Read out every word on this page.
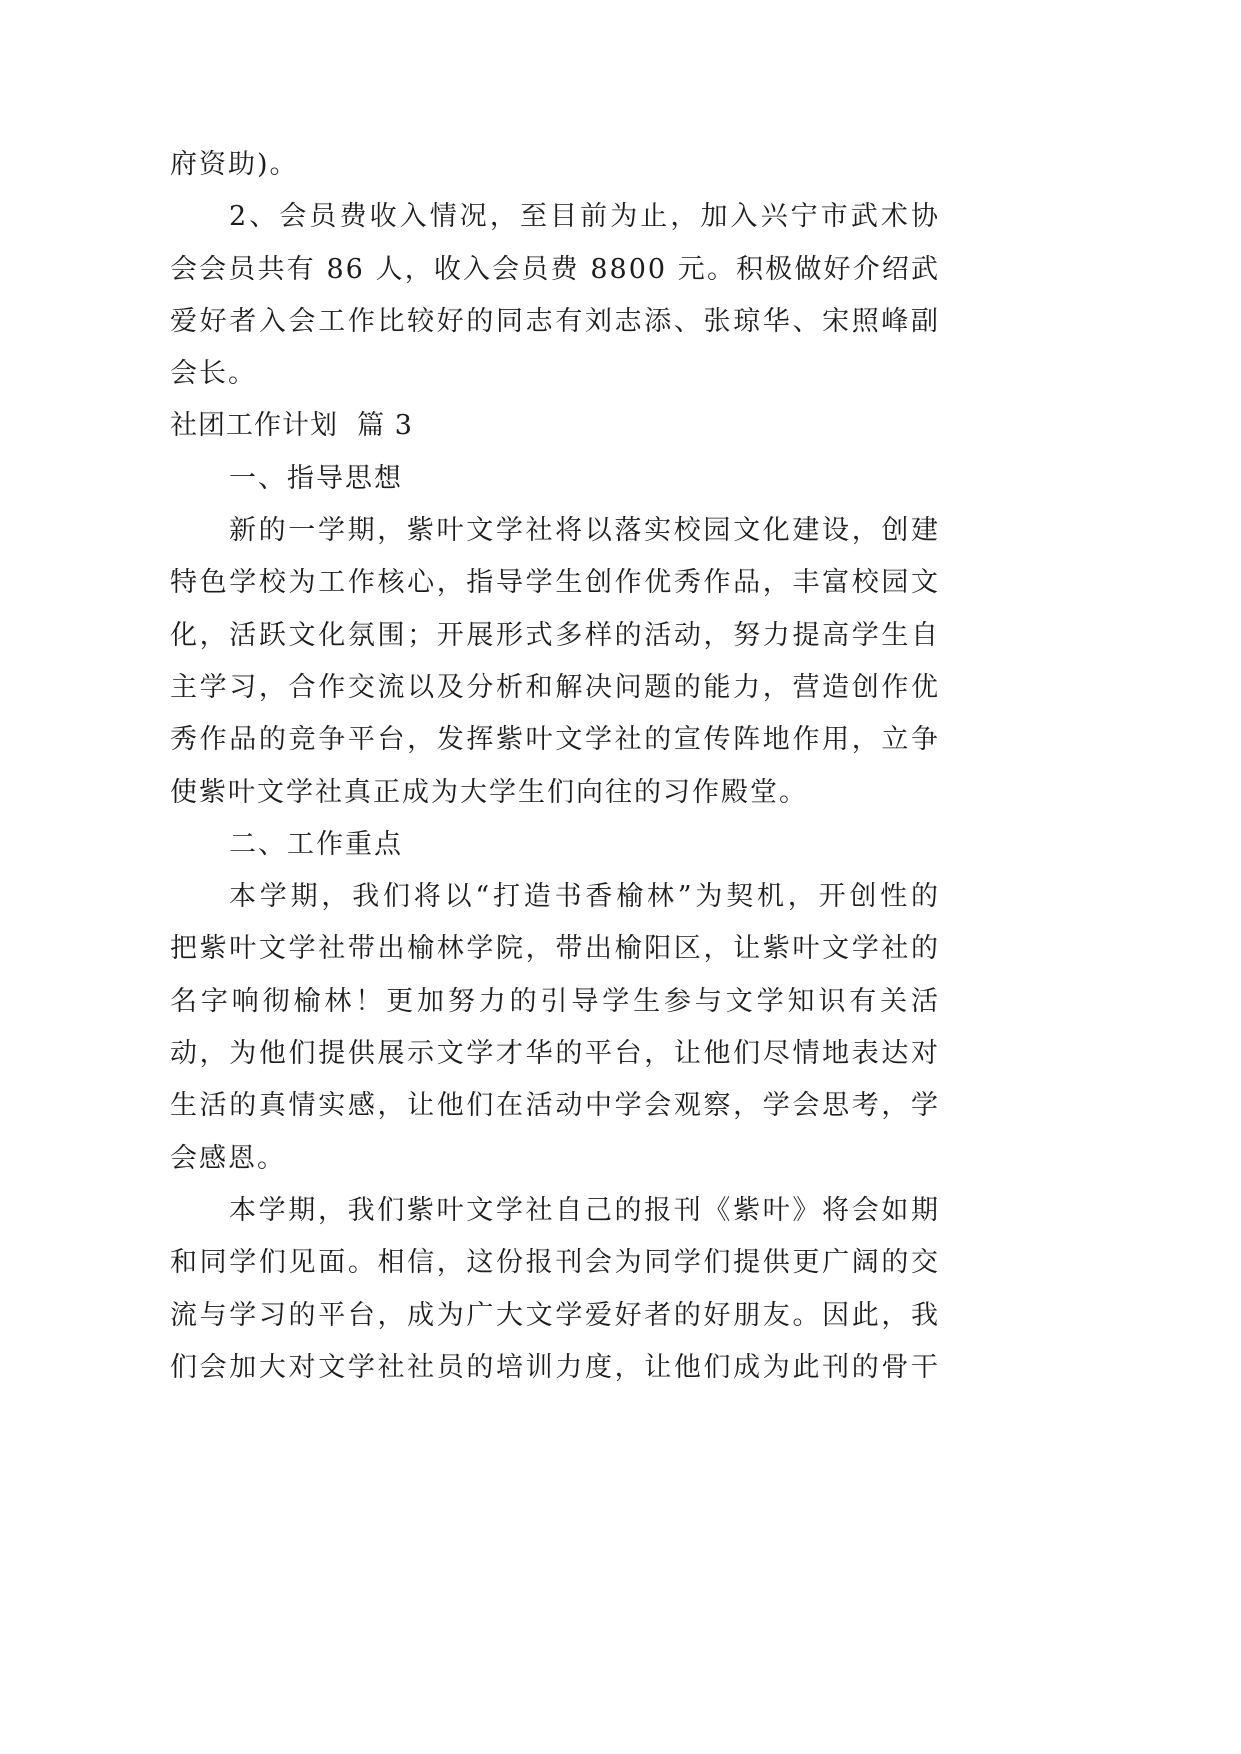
府资助)。
2、会员费收入情况，至目前为止，加入兴宁市武术协
会会员共有 86 人，收入会员费 8800 元。积极做好介绍武
爱好者入会工作比较好的同志有刘志添、张琼华、宋照峰副
会长。
社团工作计划  篇 3
一、指导思想
新的一学期，紫叶文学社将以落实校园文化建设，创建
特色学校为工作核心，指导学生创作优秀作品，丰富校园文
化，活跃文化氛围；开展形式多样的活动，努力提高学生自
主学习，合作交流以及分析和解决问题的能力，营造创作优
秀作品的竞争平台，发挥紫叶文学社的宣传阵地作用，立争
使紫叶文学社真正成为大学生们向往的习作殿堂。
二、工作重点
本学期，我们将以“打造书香榆林”为契机，开创性的
把紫叶文学社带出榆林学院，带出榆阳区，让紫叶文学社的
名字响彻榆林！更加努力的引导学生参与文学知识有关活
动，为他们提供展示文学才华的平台，让他们尽情地表达对
生活的真情实感，让他们在活动中学会观察，学会思考，学
会感恩。
本学期，我们紫叶文学社自己的报刊《紫叶》将会如期
和同学们见面。相信，这份报刊会为同学们提供更广阔的交
流与学习的平台，成为广大文学爱好者的好朋友。因此，我
们会加大对文学社社员的培训力度，让他们成为此刊的骨干
